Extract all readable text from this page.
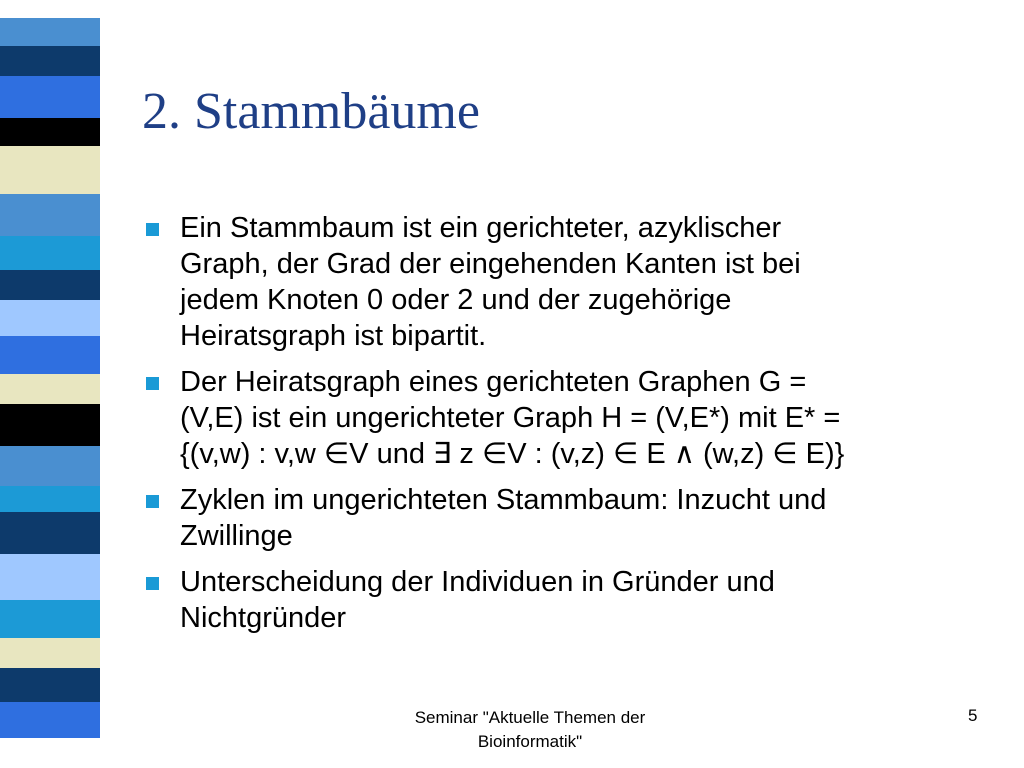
2. Stammbäume
Ein Stammbaum ist ein gerichteter, azyklischer
Graph, der Grad der eingehenden Kanten ist bei
jedem Knoten 0 oder 2 und der zugehörige
Heiratsgraph ist bipartit.
Der Heiratsgraph eines gerichteten Graphen G =
(V,E) ist ein ungerichteter Graph H = (V,E*) mit E* =
{(v,w) : v,w ∈V und ∃ z ∈V : (v,z) ∈ E ∧ (w,z) ∈ E)}
Zyklen im ungerichteten Stammbaum: Inzucht und
Zwillinge
Unterscheidung der Individuen in Gründer und
Nichtgründer
Seminar "Aktuelle Themen der
Bioinformatik"
5
